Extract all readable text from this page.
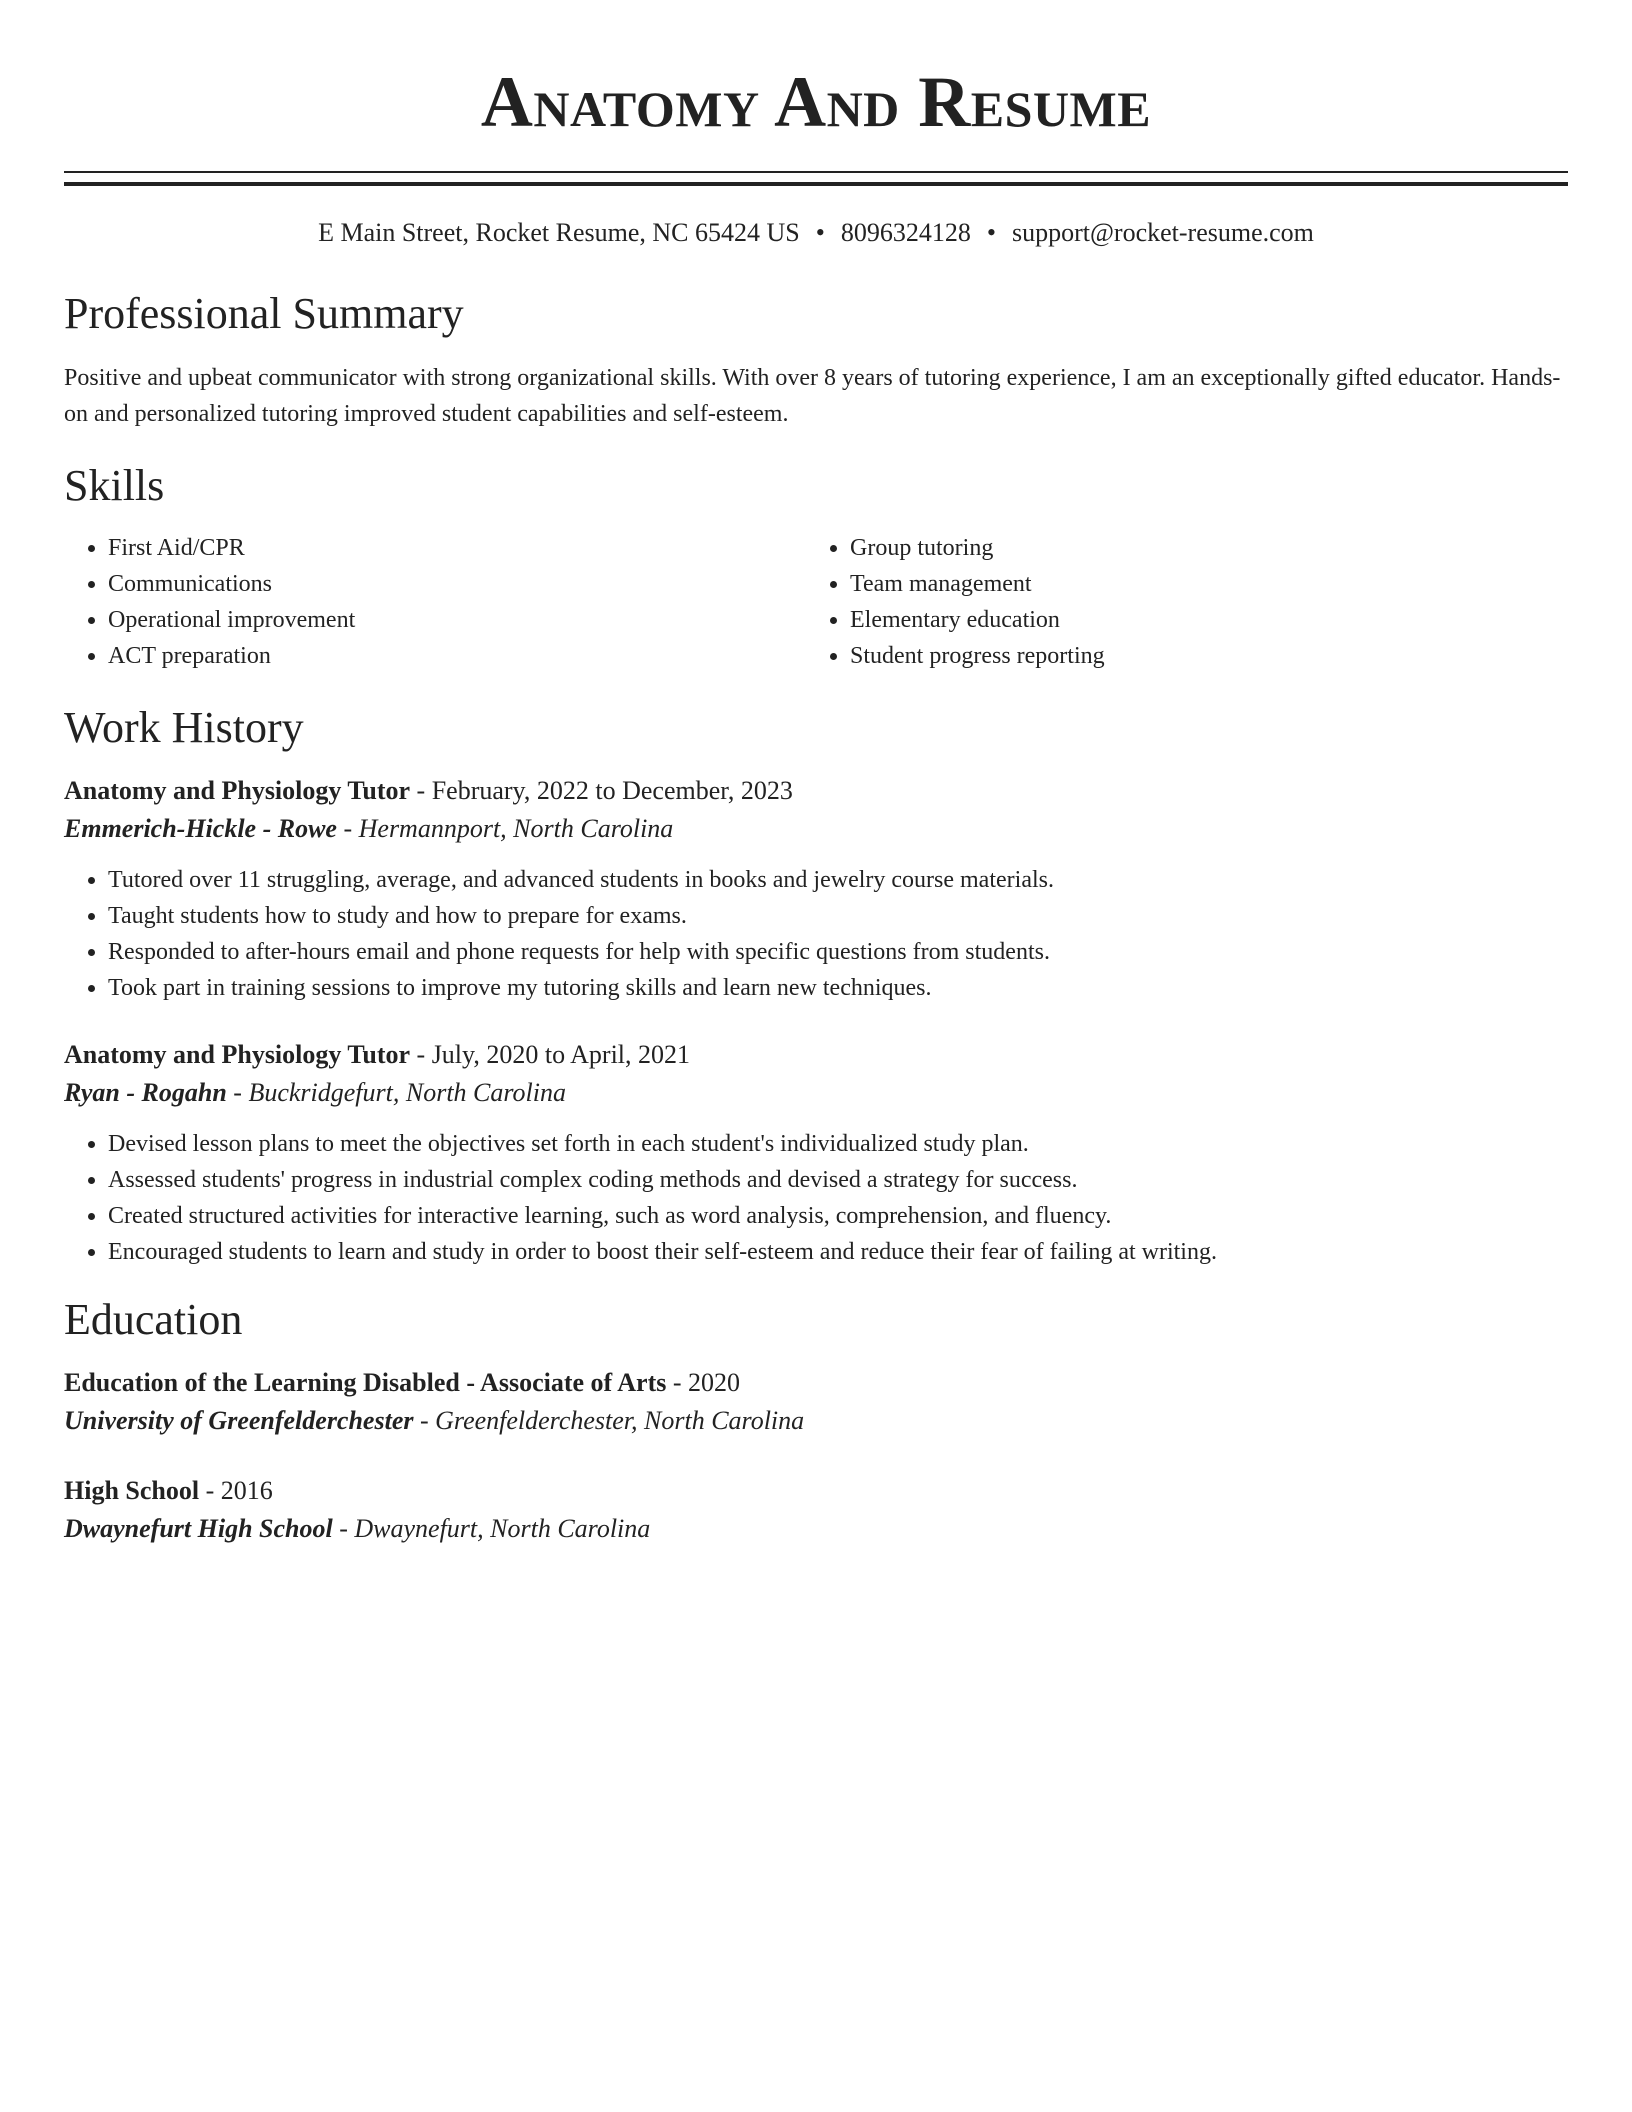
Anatomy And Resume
E Main Street, Rocket Resume, NC 65424 US • 8096324128 • support@rocket-resume.com
Professional Summary

Positive and upbeat communicator with strong organizational skills. With over 8 years of tutoring experience, I am an exceptionally gifted educator. Hands-on and personalized tutoring improved student capabilities and self-esteem.

Skills
• First Aid/CPR
• Communications
• Operational improvement
• ACT preparation
• Group tutoring
• Team management
• Elementary education
• Student progress reporting
Work History

Anatomy and Physiology Tutor - February, 2022 to December, 2023

Emmerich-Hickle - Rowe - Hermannport, North Carolina

• Tutored over 11 struggling, average, and advanced students in books and jewelry course materials.
• Taught students how to study and how to prepare for exams.
• Responded to after-hours email and phone requests for help with specific questions from students.
• Took part in training sessions to improve my tutoring skills and learn new techniques.

Anatomy and Physiology Tutor - July, 2020 to April, 2021

Ryan - Rogahn - Buckridgefurt, North Carolina

• Devised lesson plans to meet the objectives set forth in each student's individualized study plan.
• Assessed students' progress in industrial complex coding methods and devised a strategy for success.
• Created structured activities for interactive learning, such as word analysis, comprehension, and fluency.
• Encouraged students to learn and study in order to boost their self-esteem and reduce their fear of failing at writing.
Education

Education of the Learning Disabled - Associate of Arts - 2020

University of Greenfelderchester - Greenfelderchester, North Carolina

High School - 2016

Dwaynefurt High School - Dwaynefurt, North Carolina
